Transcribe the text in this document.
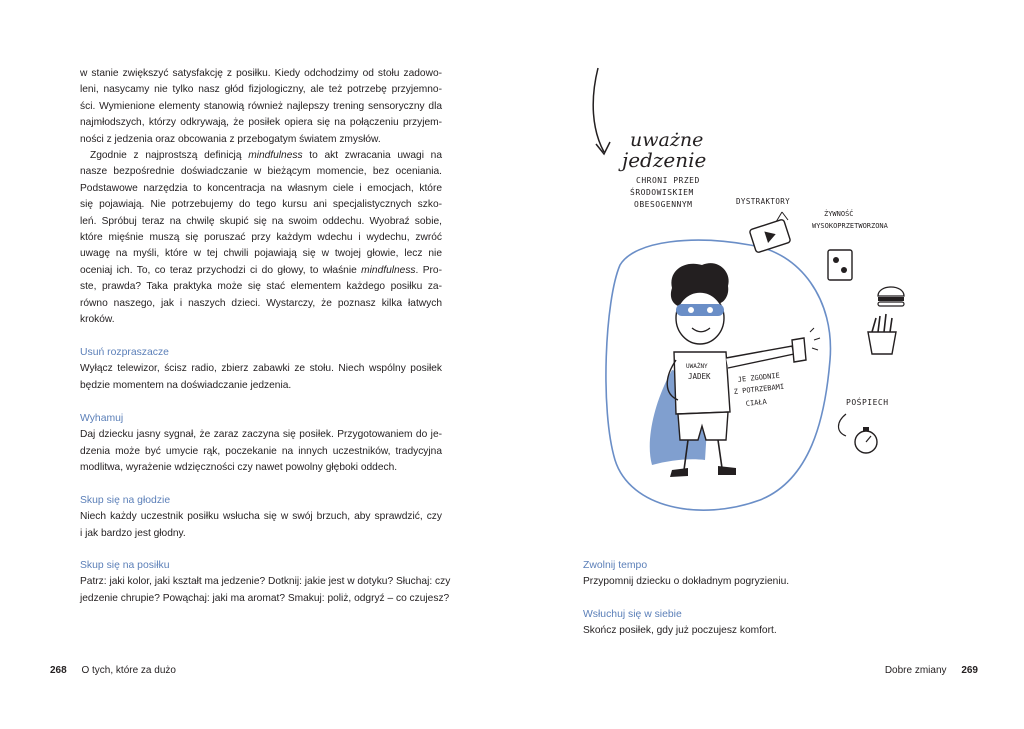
w stanie zwiększyć satysfakcję z posiłku. Kiedy odchodzimy od stołu zadowo-
leni, nasycamy nie tylko nasz głód fizjologiczny, ale też potrzebę przyjemno-
ści. Wymienione elementy stanowią również najlepszy trening sensoryczny dla
najmłodszych, którzy odkrywają, że posiłek opiera się na połączeniu przyjem-
ności z jedzenia oraz obcowania z przebogatym światem zmysłów.

Zgodnie z najprostszą definicją mindfulness to akt zwracania uwagi na
nasze bezpośrednie doświadczanie w bieżącym momencie, bez oceniania.
Podstawowe narzędzia to koncentracja na własnym ciele i emocjach, które
się pojawiają. Nie potrzebujemy do tego kursu ani specjalistycznych szko-
leń. Spróbuj teraz na chwilę skupić się na swoim oddechu. Wyobraź sobie,
które mięśnie muszą się poruszać przy każdym wdechu i wydechu, zwróć
uwagę na myśli, które w tej chwili pojawiają się w twojej głowie, lecz nie
oceniaj ich. To, co teraz przychodzi ci do głowy, to właśnie mindfulness. Pro-
ste, prawda? Taka praktyka może się stać elementem każdego posiłku za-
równo naszego, jak i naszych dzieci. Wystarczy, że poznasz kilka łatwych
kroków.

Usuń rozpraszacze
Wyłącz telewizor, ścisz radio, zbierz zabawki ze stołu. Niech wspólny posiłek
będzie momentem na doświadczanie jedzenia.

Wyhamuj
Daj dziecku jasny sygnał, że zaraz zaczyna się posiłek. Przygotowaniem do je-
dzenia może być umycie rąk, poczekanie na innych uczestników, tradycyjna
modlitwa, wyrażenie wdzięczności czy nawet powolny głęboki oddech.

Skup się na głodzie
Niech każdy uczestnik posiłku wsłucha się w swój brzuch, aby sprawdzić, czy
i jak bardzo jest głodny.

Skup się na posiłku
Patrz: jaki kolor, jaki kształt ma jedzenie? Dotknij: jakie jest w dotyku? Słuchaj: czy
jedzenie chrupie? Powąchaj: jaki ma aromat? Smakuj: poliż, odgryź – co czujesz?

268 O tych, które za dużo
uważne
jedzenie
CHRONI PRZED
ŚRODOWISKIEM
OBESOGENNYM
UWAŻNY
JADEK	JE ZGODNIE
Z POTRZEBAMI
CIAŁA
DYSTRAKTORY
ŻYWNOŚĆ
WYSOKOPRZETWORZONA
POŚPIECH

Zwolnij tempo
Przypomnij dziecku o dokładnym pogryzieniu.

Wsłuchuj się w siebie
Skończ posiłek, gdy już poczujesz komfort.

Dobre zmiany 269
